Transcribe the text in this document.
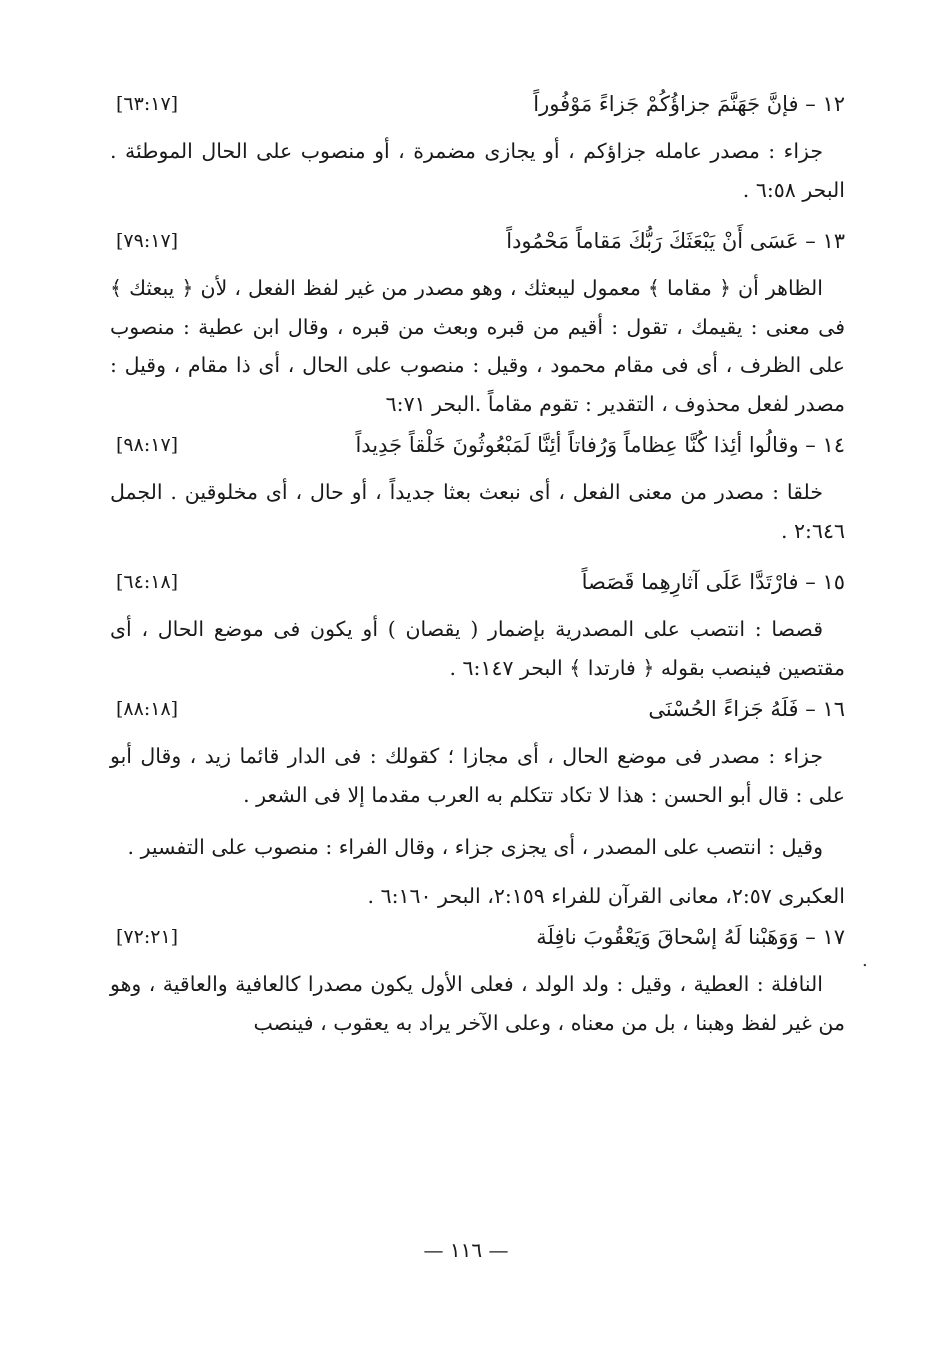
١٢ – فإنَّ جَهَنَّمَ جزاؤُكُمْ جَزاءً مَوْفُوراً
[٦٣:١٧]

جزاء : مصدر عامله جزاؤكم ، أو يجازى مضمرة ، أو منصوب على الحال الموطئة . البحر ٦:٥٨ .

١٣ – عَسَى أَنْ يَبْعَثَكَ رَبُّكَ مَقاماً مَحْمُوداً
[٧٩:١٧]

الظاهر أن ﴿ مقاما ﴾ معمول ليبعثك ، وهو مصدر من غير لفظ الفعل ، لأن ﴿ يبعثك ﴾ فى معنى : يقيمك ، تقول : أقيم من قبره وبعث من قبره ، وقال ابن عطية : منصوب على الظرف ، أى فى مقام محمود ، وقيل : منصوب على الحال ، أى ذا مقام ، وقيل : مصدر لفعل محذوف ، التقدير : تقوم مقاماً .البحر ٦:٧١

١٤ – وقالُوا أئِذا كُنَّا عِظاماً وَرُفاتاً أئِنَّا لَمَبْعُوثُونَ خَلْقاً جَدِيداً
[٩٨:١٧]

خلقا : مصدر من معنى الفعل ، أى نبعث بعثا جديداً ، أو حال ، أى مخلوقين . الجمل ٢:٦٤٦ .

١٥ – فارْتَدَّا عَلَى آثارِهِما قَصَصاً
[٦٤:١٨]

قصصا : انتصب على المصدرية بإضمار ( يقصان ) أو يكون فى موضع الحال ، أى مقتصين فينصب بقوله ﴿ فارتدا ﴾ البحر ٦:١٤٧ .

١٦ – فَلَهُ جَزاءً الحُسْنَى
[٨٨:١٨]

جزاء : مصدر فى موضع الحال ، أى مجازا ؛ كقولك : فى الدار قائما زيد ، وقال أبو على : قال أبو الحسن : هذا لا تكاد تتكلم به العرب مقدما إلا فى الشعر .

وقيل : انتصب على المصدر ، أى يجزى جزاء ، وقال الفراء : منصوب على التفسير .

العكبرى ٢:٥٧، معانى القرآن للفراء ٢:١٥٩، البحر ٦:١٦٠ .

١٧ – وَوَهَبْنا لَهُ إسْحاقَ وَيَعْقُوبَ نافِلَة
[٧٢:٢١]

النافلة : العطية ، وقيل : ولد الولد ، فعلى الأول يكون مصدرا كالعافية والعاقية ، وهو من غير لفظ وهبنا ، بل من معناه ، وعلى الآخر يراد به يعقوب ، فينصب

.
— ١١٦ —
